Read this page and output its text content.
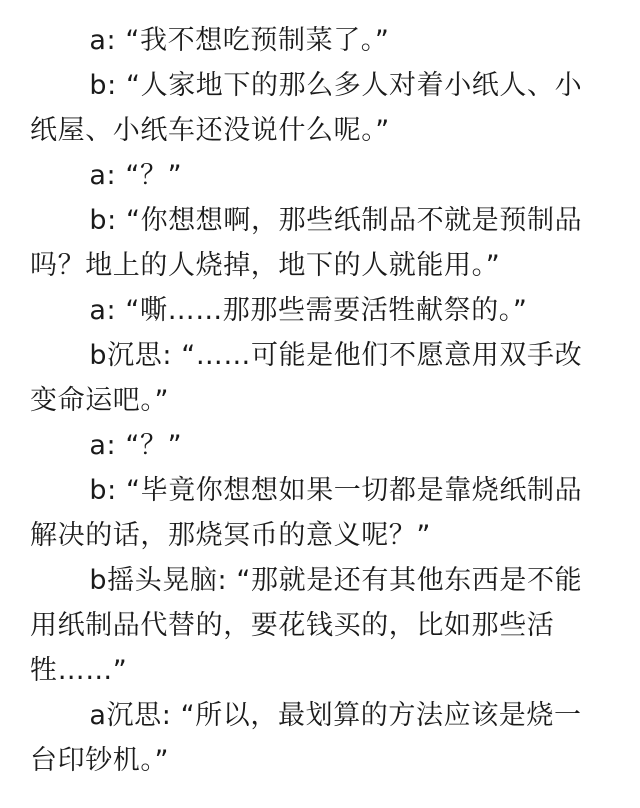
a: “我不想吃预制菜了。”

b: “人家地下的那么多人对着小纸人、小纸屋、小纸车还没说什么呢。”

a: “？”

b: “你想想啊，那些纸制品不就是预制品吗？地上的人烧掉，地下的人就能用。”

a: “嘶……那那些需要活牲献祭的。”

b沉思: “……可能是他们不愿意用双手改变命运吧。”

a: “？”

b: “毕竟你想想如果一切都是靠烧纸制品解决的话，那烧冥币的意义呢？”

b摇头晃脑: “那就是还有其他东西是不能用纸制品代替的，要花钱买的，比如那些活牲……”

a沉思: “所以，最划算的方法应该是烧一台印钞机。”
